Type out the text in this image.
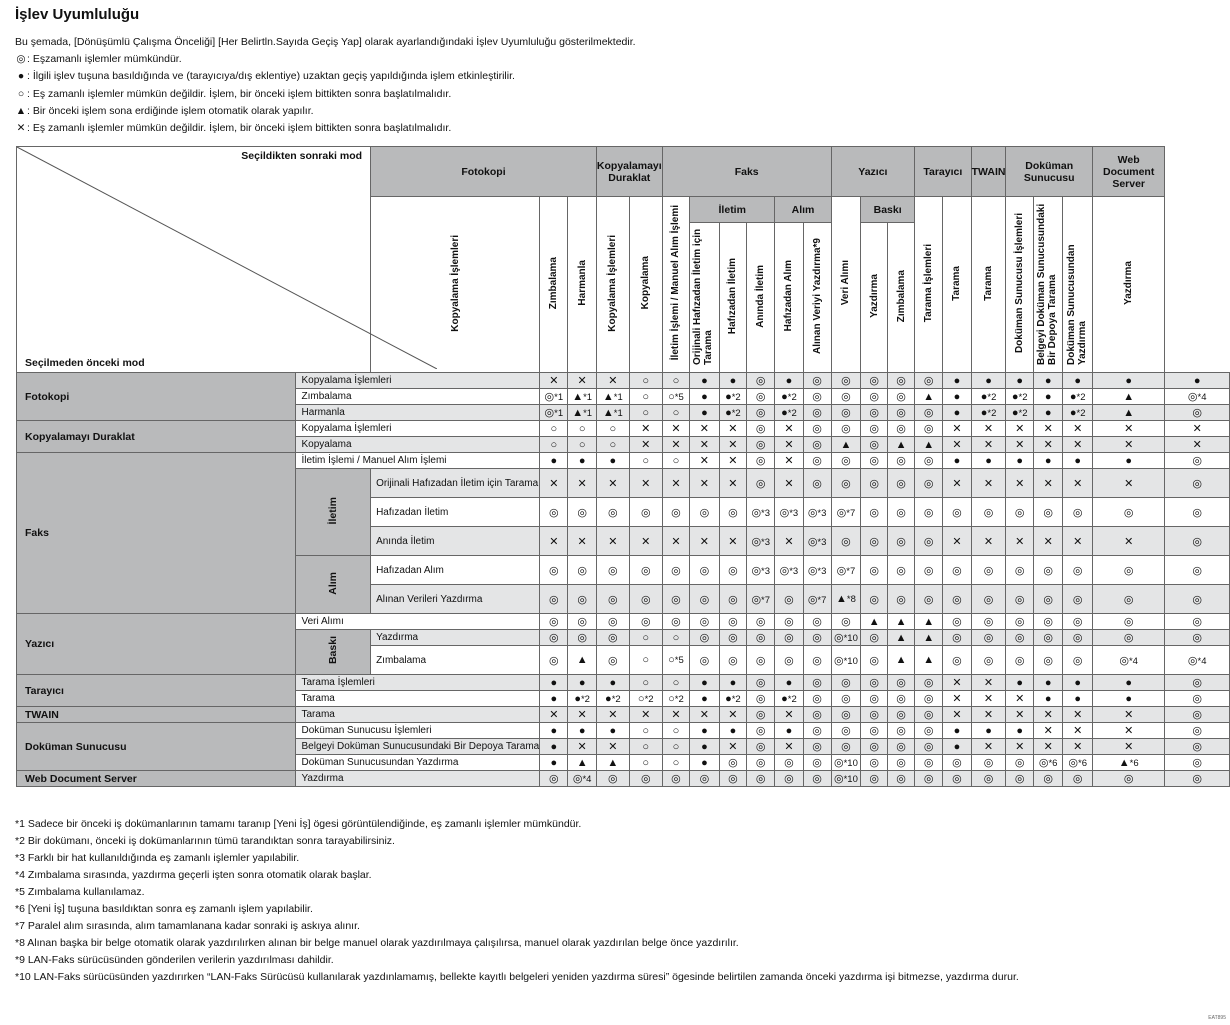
İşlev Uyumluluğu
Bu şemada, [Dönüşümlü Çalışma Önceliği] [Her Belirtln.Sayıda Geçiş Yap] olarak ayarlandığındaki İşlev Uyumluluğu gösterilmektedir.
◎: Eşzamanlı işlemler mümkündür.
● : İlgili işlev tuşuna basıldığında ve (tarayıcıya/dış eklentiye) uzaktan geçiş yapıldığında işlem etkinleştirilir.
○ : Eş zamanlı işlemler mümkün değildir. İşlem, bir önceki işlem bittikten sonra başlatılmalıdır.
▲: Bir önceki işlem sona erdiğinde işlem otomatik olarak yapılır.
✕ : Eş zamanlı işlemler mümkün değildir. İşlem, bir önceki işlem bittikten sonra başlatılmalıdır.
Seçildikten sonraki mod
Seçilmeden önceki mod		Fotokopi			Kopyalamayı Duraklat		Faks						Yazıcı			Tarayıcı		TWAIN	Doküman Sunucusu			Web Document Server	
		Kopyalama İşlemleri	Zımbalama	Harmanla	Kopyalama İşlemleri	Kopyalama	İletim İşlemi / Manuel Alım İşlemi	İletim			Alım		Veri Alımı	Baskı		Tarama İşlemleri	Tarama	Tarama	Doküman Sunucusu İşlemleri	Belgeyi Doküman Sunucusundaki Bir Depoya Tarama	Doküman Sunucusundan Yazdırma	Yazdırma	
								Orijinali Hafızadan İletim için Tarama	Hafızadan İletim	Anında İletim	Hafızadan Alım	Alınan Veriyi Yazdırma*9		Yazdırma	Zımbalama								
Fotokopi	Kopyalama İşlemleri		✕	✕	✕	○	○	●	●	◎	●	◎	◎	◎	◎	◎	●	●	●	●	●	●	●
	Zımbalama		◎*1	▲*1	▲*1	○	○*5	●	●*2	◎	●*2	◎	◎	◎	◎	▲	●	●*2	●*2	●	●*2	▲	◎*4
	Harmanla		◎*1	▲*1	▲*1	○	○	●	●*2	◎	●*2	◎	◎	◎	◎	◎	●	●*2	●*2	●	●*2	▲	◎
Kopyalamayı Duraklat	Kopyalama İşlemleri		○	○	○	✕	✕	✕	✕	◎	✕	◎	◎	◎	◎	◎	✕	✕	✕	✕	✕	✕	✕
	Kopyalama		○	○	○	✕	✕	✕	✕	◎	✕	◎	▲	◎	▲	▲	✕	✕	✕	✕	✕	✕	✕
Faks	İletim İşlemi / Manuel Alım İşlemi		●	●	●	○	○	✕	✕	◎	✕	◎	◎	◎	◎	◎	●	●	●	●	●	●	◎
	İletim	Orijinali Hafızadan İletim için Tarama	✕	✕	✕	✕	✕	✕	✕	◎	✕	◎	◎	◎	◎	◎	✕	✕	✕	✕	✕	✕	◎
		Hafızadan İletim	◎	◎	◎	◎	◎	◎	◎	◎*3	◎*3	◎*3	◎*7	◎	◎	◎	◎	◎	◎	◎	◎	◎	◎
		Anında İletim	✕	✕	✕	✕	✕	✕	✕	◎*3	✕	◎*3	◎	◎	◎	◎	✕	✕	✕	✕	✕	✕	◎
	Alım	Hafızadan Alım	◎	◎	◎	◎	◎	◎	◎	◎*3	◎*3	◎*3	◎*7	◎	◎	◎	◎	◎	◎	◎	◎	◎	◎
		Alınan Verileri Yazdırma	◎	◎	◎	◎	◎	◎	◎	◎*7	◎	◎*7	▲*8	◎	◎	◎	◎	◎	◎	◎	◎	◎	◎
Yazıcı	Veri Alımı		◎	◎	◎	◎	◎	◎	◎	◎	◎	◎	◎	▲	▲	▲	◎	◎	◎	◎	◎	◎	◎
	Baskı	Yazdırma	◎	◎	◎	○	○	◎	◎	◎	◎	◎	◎*10	◎	▲	▲	◎	◎	◎	◎	◎	◎	◎
		Zımbalama	◎	▲	◎	○	○*5	◎	◎	◎	◎	◎	◎*10	◎	▲	▲	◎	◎	◎	◎	◎	◎*4	◎*4
Tarayıcı	Tarama İşlemleri		●	●	●	○	○	●	●	◎	●	◎	◎	◎	◎	◎	✕	✕	●	●	●	●	◎
	Tarama		●	●*2	●*2	○*2	○*2	●	●*2	◎	●*2	◎	◎	◎	◎	◎	✕	✕	✕	●	●	●	◎
TWAIN	Tarama		✕	✕	✕	✕	✕	✕	✕	◎	✕	◎	◎	◎	◎	◎	✕	✕	✕	✕	✕	✕	◎
Doküman Sunucusu	Doküman Sunucusu İşlemleri		●	●	●	○	○	●	●	◎	●	◎	◎	◎	◎	◎	●	●	●	✕	✕	✕	◎
	Belgeyi Doküman Sunucusundaki Bir Depoya Tarama		●	✕	✕	○	○	●	✕	◎	✕	◎	◎	◎	◎	◎	●	✕	✕	✕	✕	✕	◎
	Doküman Sunucusundan Yazdırma		●	▲	▲	○	○	●	◎	◎	◎	◎	◎*10	◎	◎	◎	◎	◎	◎	◎*6	◎*6	▲*6	◎
Web Document Server	Yazdırma		◎	◎*4	◎	◎	◎	◎	◎	◎	◎	◎	◎*10	◎	◎	◎	◎	◎	◎	◎	◎	◎	◎
*1 Sadece bir önceki iş dokümanlarının tamamı taranıp [Yeni İş] ögesi görüntülendiğinde, eş zamanlı işlemler mümkündür.
*2 Bir dokümanı, önceki iş dokümanlarının tümü tarandıktan sonra tarayabilirsiniz.
*3 Farklı bir hat kullanıldığında eş zamanlı işlemler yapılabilir.
*4 Zımbalama sırasında, yazdırma geçerli işten sonra otomatik olarak başlar.
*5 Zımbalama kullanılamaz.
*6 [Yeni İş] tuşuna basıldıktan sonra eş zamanlı işlem yapılabilir.
*7 Paralel alım sırasında, alım tamamlanana kadar sonraki iş askıya alınır.
*8 Alınan başka bir belge otomatik olarak yazdırılırken alınan bir belge manuel olarak yazdırılmaya çalışılırsa, manuel olarak yazdırılan belge önce yazdırılır.
*9 LAN-Faks sürücüsünden gönderilen verilerin yazdırılması dahildir.
*10 LAN-Faks sürücüsünden yazdırırken “LAN-Faks Sürücüsü kullanılarak yazdınlamamış, bellekte kayıtlı belgeleri yeniden yazdırma süresi” ögesinde belirtilen zamanda önceki yazdırma işi bitmezse, yazdırma durur.
EAT895
